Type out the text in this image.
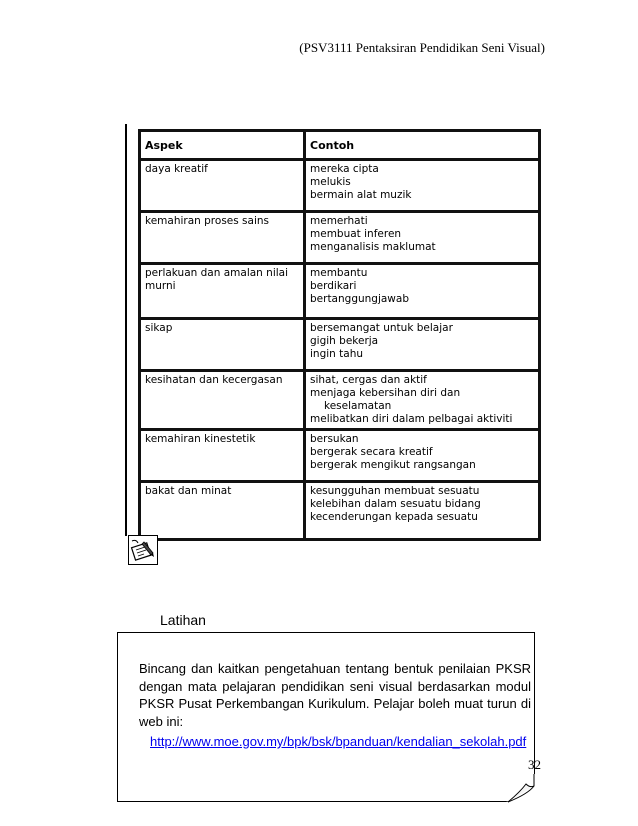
(PSV3111 Pentaksiran Pendidikan Seni Visual)
Aspek	Contoh

daya kreatif	mereka cipta
melukis
bermain alat muzik

kemahiran proses sains	memerhati
membuat inferen
menganalisis maklumat

perlakuan dan amalan nilai murni	membantu
berdikari
bertanggungjawab

sikap	bersemangat untuk belajar
gigih bekerja
ingin tahu

kesihatan dan kecergasan	sihat, cergas dan aktif
menjaga kebersihan diri dan
keselamatan
melibatkan diri dalam pelbagai aktiviti

kemahiran kinestetik	bersukan
bergerak secara kreatif
bergerak mengikut rangsangan

bakat dan minat	kesungguhan membuat sesuatu
kelebihan dalam sesuatu bidang
kecenderungan kepada sesuatu
Latihan
Bincang dan kaitkan pengetahuan tentang bentuk penilaian PKSR dengan mata pelajaran pendidikan seni visual berdasarkan modul PKSR Pusat Perkembangan Kurikulum. Pelajar boleh muat turun di web ini:
http://www.moe.gov.my/bpk/bsk/bpanduan/kendalian_sekolah.pdf
32
